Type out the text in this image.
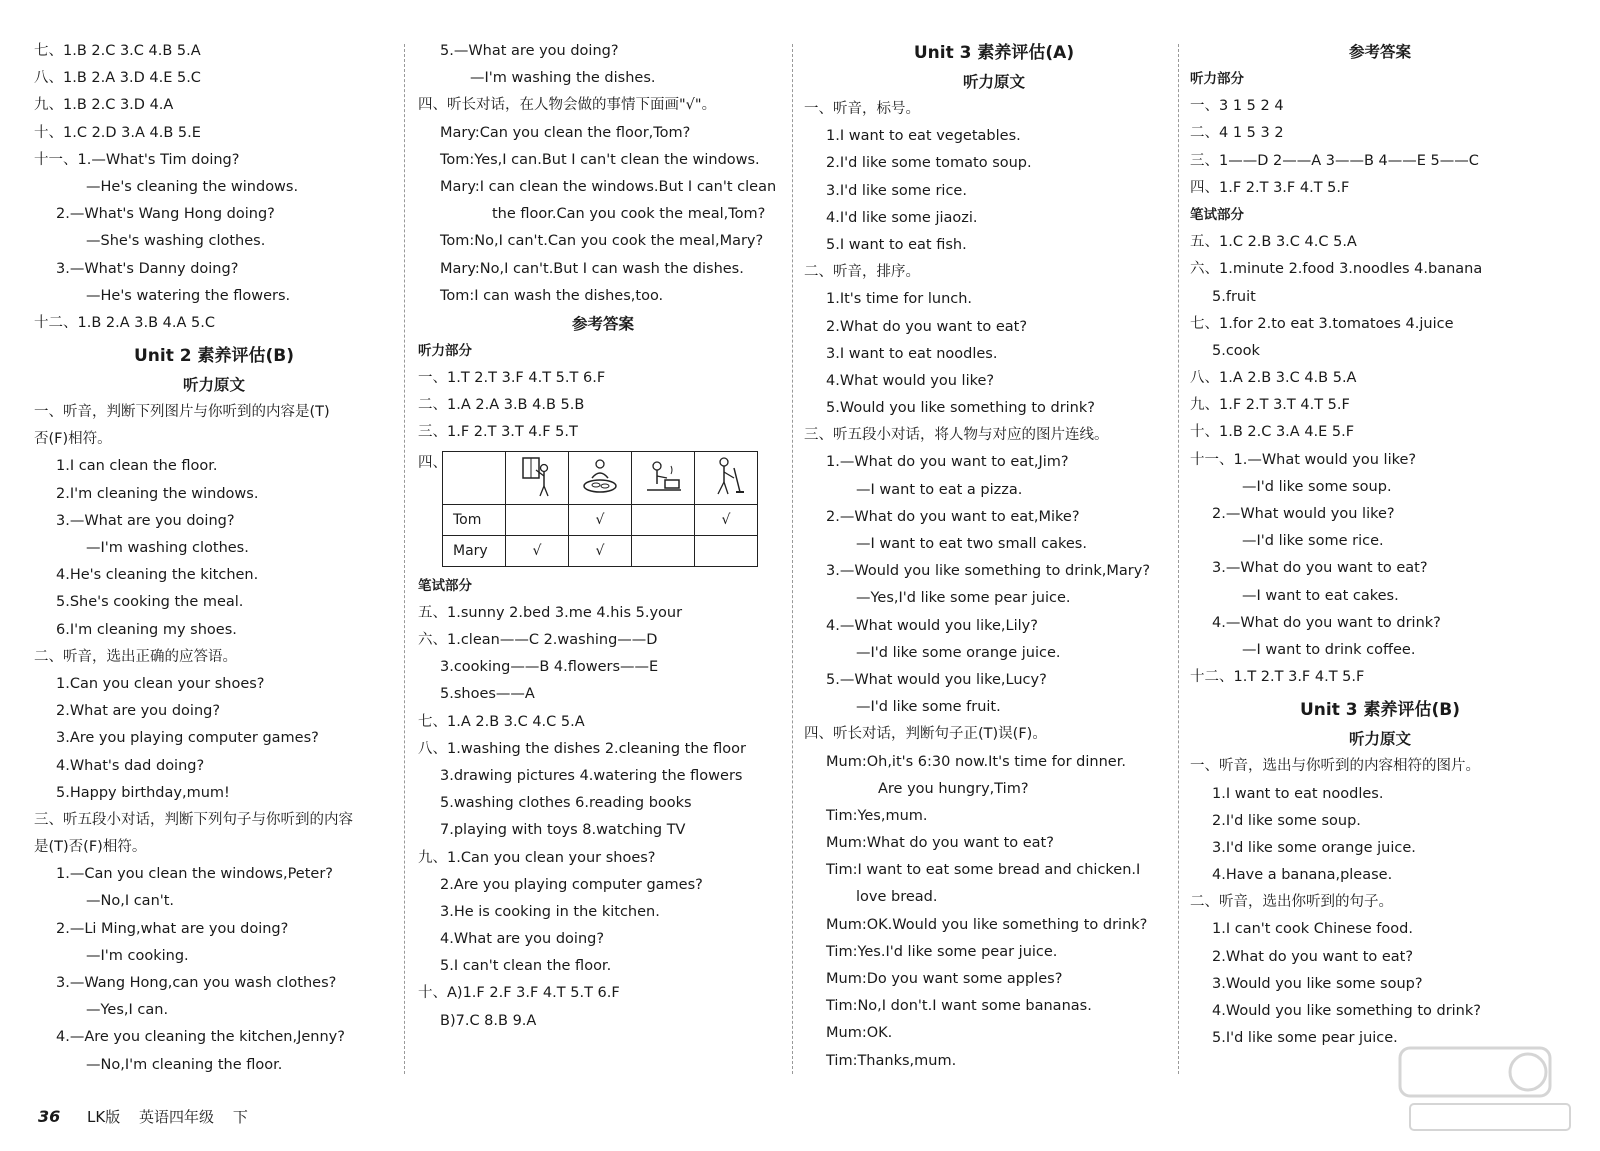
七、1.B 2.C 3.C 4.B 5.A
八、1.B 2.A 3.D 4.E 5.C
九、1.B 2.C 3.D 4.A
十、1.C 2.D 3.A 4.B 5.E
十一、1.—What's Tim doing?
—He's cleaning the windows.
2.—What's Wang Hong doing?
—She's washing clothes.
3.—What's Danny doing?
—He's watering the flowers.
十二、1.B 2.A 3.B 4.A 5.C
Unit 2 素养评估(B)
听力原文
一、听音，判断下列图片与你听到的内容是(T)
否(F)相符。
1.I can clean the floor.
2.I'm cleaning the windows.
3.—What are you doing?
—I'm washing clothes.
4.He's cleaning the kitchen.
5.She's cooking the meal.
6.I'm cleaning my shoes.
二、听音，选出正确的应答语。
1.Can you clean your shoes?
2.What are you doing?
3.Are you playing computer games?
4.What's dad doing?
5.Happy birthday,mum!
三、听五段小对话，判断下列句子与你听到的内容
是(T)否(F)相符。
1.—Can you clean the windows,Peter?
—No,I can't.
2.—Li Ming,what are you doing?
—I'm cooking.
3.—Wang Hong,can you wash clothes?
—Yes,I can.
4.—Are you cleaning the kitchen,Jenny?
—No,I'm cleaning the floor.
5.—What are you doing?
—I'm washing the dishes.
四、听长对话，在人物会做的事情下面画"√"。
Mary:Can you clean the floor,Tom?
Tom:Yes,I can.But I can't clean the windows.
Mary:I can clean the windows.But I can't clean
the floor.Can you cook the meal,Tom?
Tom:No,I can't.Can you cook the meal,Mary?
Mary:No,I can't.But I can wash the dishes.
Tom:I can wash the dishes,too.
参考答案
听力部分
一、1.T 2.T 3.F 4.T 5.T 6.F
二、1.A 2.A 3.B 4.B 5.B
三、1.F 2.T 3.T 4.F 5.T
四、

Tom		√		√
Mary	√	√		
笔试部分
五、1.sunny 2.bed 3.me 4.his 5.your
六、1.clean——C 2.washing——D
3.cooking——B 4.flowers——E
5.shoes——A
七、1.A 2.B 3.C 4.C 5.A
八、1.washing the dishes 2.cleaning the floor
3.drawing pictures 4.watering the flowers
5.washing clothes 6.reading books
7.playing with toys 8.watching TV
九、1.Can you clean your shoes?
2.Are you playing computer games?
3.He is cooking in the kitchen.
4.What are you doing?
5.I can't clean the floor.
十、A)1.F 2.F 3.F 4.T 5.T 6.F
B)7.C 8.B 9.A
Unit 3 素养评估(A)
听力原文
一、听音，标号。
1.I want to eat vegetables.
2.I'd like some tomato soup.
3.I'd like some rice.
4.I'd like some jiaozi.
5.I want to eat fish.
二、听音，排序。
1.It's time for lunch.
2.What do you want to eat?
3.I want to eat noodles.
4.What would you like?
5.Would you like something to drink?
三、听五段小对话，将人物与对应的图片连线。
1.—What do you want to eat,Jim?
—I want to eat a pizza.
2.—What do you want to eat,Mike?
—I want to eat two small cakes.
3.—Would you like something to drink,Mary?
—Yes,I'd like some pear juice.
4.—What would you like,Lily?
—I'd like some orange juice.
5.—What would you like,Lucy?
—I'd like some fruit.
四、听长对话，判断句子正(T)误(F)。
Mum:Oh,it's 6:30 now.It's time for dinner.
Are you hungry,Tim?
Tim:Yes,mum.
Mum:What do you want to eat?
Tim:I want to eat some bread and chicken.I
love bread.
Mum:OK.Would you like something to drink?
Tim:Yes.I'd like some pear juice.
Mum:Do you want some apples?
Tim:No,I don't.I want some bananas.
Mum:OK.
Tim:Thanks,mum.
参考答案
听力部分
一、3 1 5 2 4
二、4 1 5 3 2
三、1——D 2——A 3——B 4——E 5——C
四、1.F 2.T 3.F 4.T 5.F
笔试部分
五、1.C 2.B 3.C 4.C 5.A
六、1.minute 2.food 3.noodles 4.banana
5.fruit
七、1.for 2.to eat 3.tomatoes 4.juice
5.cook
八、1.A 2.B 3.C 4.B 5.A
九、1.F 2.T 3.T 4.T 5.F
十、1.B 2.C 3.A 4.E 5.F
十一、1.—What would you like?
—I'd like some soup.
2.—What would you like?
—I'd like some rice.
3.—What do you want to eat?
—I want to eat cakes.
4.—What do you want to drink?
—I want to drink coffee.
十二、1.T 2.T 3.F 4.T 5.F
Unit 3 素养评估(B)
听力原文
一、听音，选出与你听到的内容相符的图片。
1.I want to eat noodles.
2.I'd like some soup.
3.I'd like some orange juice.
4.Have a banana,please.
二、听音，选出你听到的句子。
1.I can't cook Chinese food.
2.What do you want to eat?
3.Would you like some soup?
4.Would you like something to drink?
5.I'd like some pear juice.
36 LK版 英语四年级 下
